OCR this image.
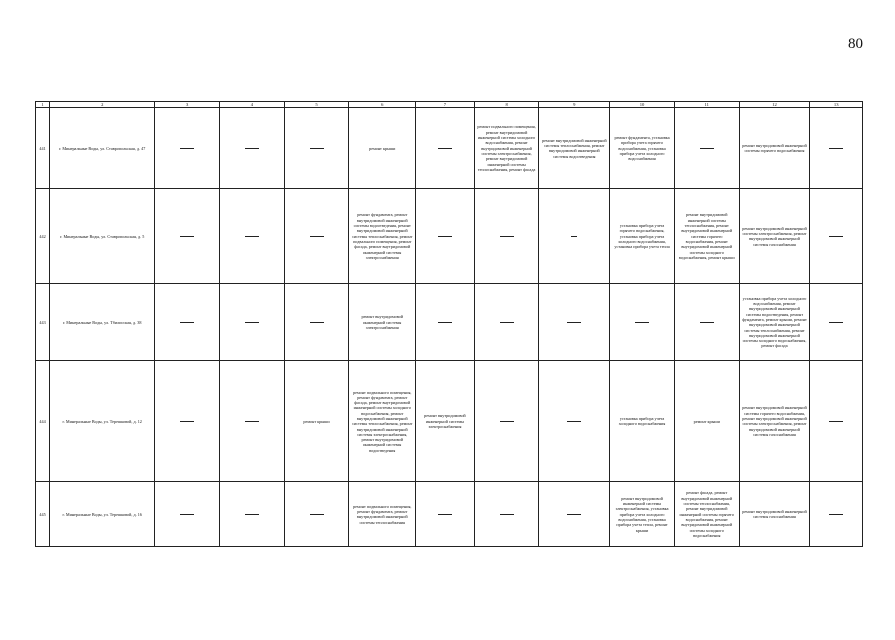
80
1	2	3	4	5	6	7	8	9	10	11	12	13
441	г. Минеральные Воды, ул. Ставропольская, д. 47				ремонт крыши		ремонт подвального помещения, ремонт внутридомовой инженерной системы холодного водоснабжения, ремонт внутридомовой инженерной системы электроснабжения, ремонт внутридомовой инженерной системы теплоснабжения, ремонт фасада	ремонт внутридомовой инженерной системы теплоснабжения, ремонт внутридомовой инженерной системы водоотведения	ремонт фундамента, установка прибора учета горячего водоснабжения, установка прибора учета холодного водоснабжения		ремонт внутридомовой инженерной системы горячего водоснабжения	
442	г. Минеральные Воды, ул. Ставропольская, д. 5				ремонт фундамента, ремонт внутридомовой инженерной системы водоотведения, ремонт внутридомовой инженерной системы теплоснабжения, ремонт подвального помещения, ремонт фасада, ремонт внутридомовой инженерной системы электроснабжения				установка прибора учета горячего водоснабжения, установка прибора учета холодного водоснабжения, установка прибора учета тепла	ремонт внутридомовой инженерной системы теплоснабжения, ремонт внутридомовой инженерной системы горячего водоснабжения, ремонт внутридомовой инженерной системы холодного водоснабжения, ремонт крыши	ремонт внутридомовой инженерной системы электроснабжения, ремонт внутридомовой инженерной системы газоснабжения	
443	г. Минеральные Воды, ул. Тбилисская, д. 38				ремонт внутридомовой инженерной системы электроснабжения						установка прибора учета холодного водоснабжения, ремонт внутридомовой инженерной системы водоотведения, ремонт фундамента, ремонт крыши, ремонт внутридомовой инженерной системы теплоснабжения, ремонт внутридомовой инженерной системы холодного водоснабжения, ремонт фасада	
444	г. Минеральные Воды, ул. Терешковой, д. 12			ремонт крыши	ремонт подвального помещения, ремонт фундамента, ремонт фасада, ремонт внутридомовой инженерной системы холодного водоснабжения, ремонт внутридомовой инженерной системы теплоснабжения, ремонт внутридомовой инженерной системы электроснабжения, ремонт внутридомовой инженерной системы водоотведения	ремонт внутридомовой инженерной системы электроснабжения			установка прибора учета холодного водоснабжения	ремонт крыши	ремонт внутридомовой инженерной системы горячего водоснабжения, ремонт внутридомовой инженерной системы электроснабжения, ремонт внутридомовой инженерной системы газоснабжения	
445	г. Минеральные Воды, ул. Терешковой, д. 16				ремонт подвального помещения, ремонт фундамента, ремонт внутридомовой инженерной системы теплоснабжения				ремонт внутридомовой инженерной системы электроснабжения, установка прибора учета холодного водоснабжения, установка прибора учета тепла, ремонт крыши	ремонт фасада, ремонт внутридомовой инженерной системы теплоснабжения, ремонт внутридомовой инженерной системы горячего водоснабжения, ремонт внутридомовой инженерной системы холодного водоснабжения	ремонт внутридомовой инженерной системы газоснабжения	
